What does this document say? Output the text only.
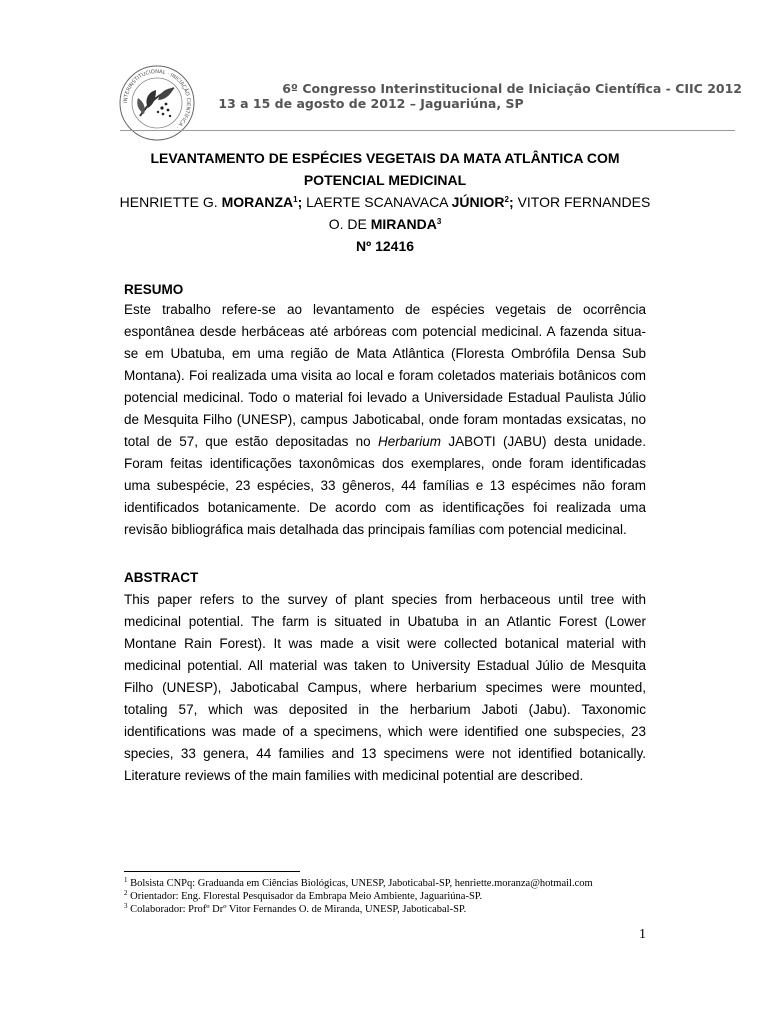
INTERINSTITUCIONAL · INICIAÇÃO CIENTÍFICA ·
6º Congresso Interinstitucional de Iniciação Científica - CIIC 2012
13 a 15 de agosto de 2012 – Jaguariúna, SP
LEVANTAMENTO DE ESPÉCIES VEGETAIS DA MATA ATLÂNTICA COM
POTENCIAL MEDICINAL
HENRIETTE G. MORANZA$^1$; LAERTE SCANAVACA JÚNIOR$^2$; VITOR FERNANDES
O. DE MIRANDA$^3$
Nº 12416
RESUMO
Este trabalho refere-se ao levantamento de espécies vegetais de ocorrência
espontânea desde herbáceas até arbóreas com potencial medicinal. A fazenda situa-
se em Ubatuba, em uma região de Mata Atlântica (Floresta Ombrófila Densa Sub
Montana). Foi realizada uma visita ao local e foram coletados materiais botânicos com
potencial medicinal. Todo o material foi levado a Universidade Estadual Paulista Júlio
de Mesquita Filho (UNESP), campus Jaboticabal, onde foram montadas exsicatas, no
total de 57, que estão depositadas no Herbarium JABOTI (JABU) desta unidade.
Foram feitas identificações taxonômicas dos exemplares, onde foram identificadas
uma subespécie, 23 espécies, 33 gêneros, 44 famílias e 13 espécimes não foram
identificados botanicamente. De acordo com as identificações foi realizada uma
revisão bibliográfica mais detalhada das principais famílias com potencial medicinal.
ABSTRACT
This paper refers to the survey of plant species from herbaceous until tree with
medicinal potential. The farm is situated in Ubatuba in an Atlantic Forest (Lower
Montane Rain Forest). It was made a visit were collected botanical material with
medicinal potential. All material was taken to University Estadual Júlio de Mesquita
Filho (UNESP), Jaboticabal Campus, where herbarium specimes were mounted,
totaling 57, which was deposited in the herbarium Jaboti (Jabu). Taxonomic
identifications was made of a specimens, which were identified one subspecies, 23
species, 33 genera, 44 families and 13 specimens were not identified botanically.
Literature reviews of the main families with medicinal potential are described.
$^1$ Bolsista CNPq: Graduanda em Ciências Biológicas, UNESP, Jaboticabal-SP, henriette.moranza@hotmail.com
$^2$ Orientador: Eng. Florestal Pesquisador da Embrapa Meio Ambiente, Jaguariúna-SP.
$^3$ Colaborador: Profº Drº Vitor Fernandes O. de Miranda, UNESP, Jaboticabal-SP.
1
